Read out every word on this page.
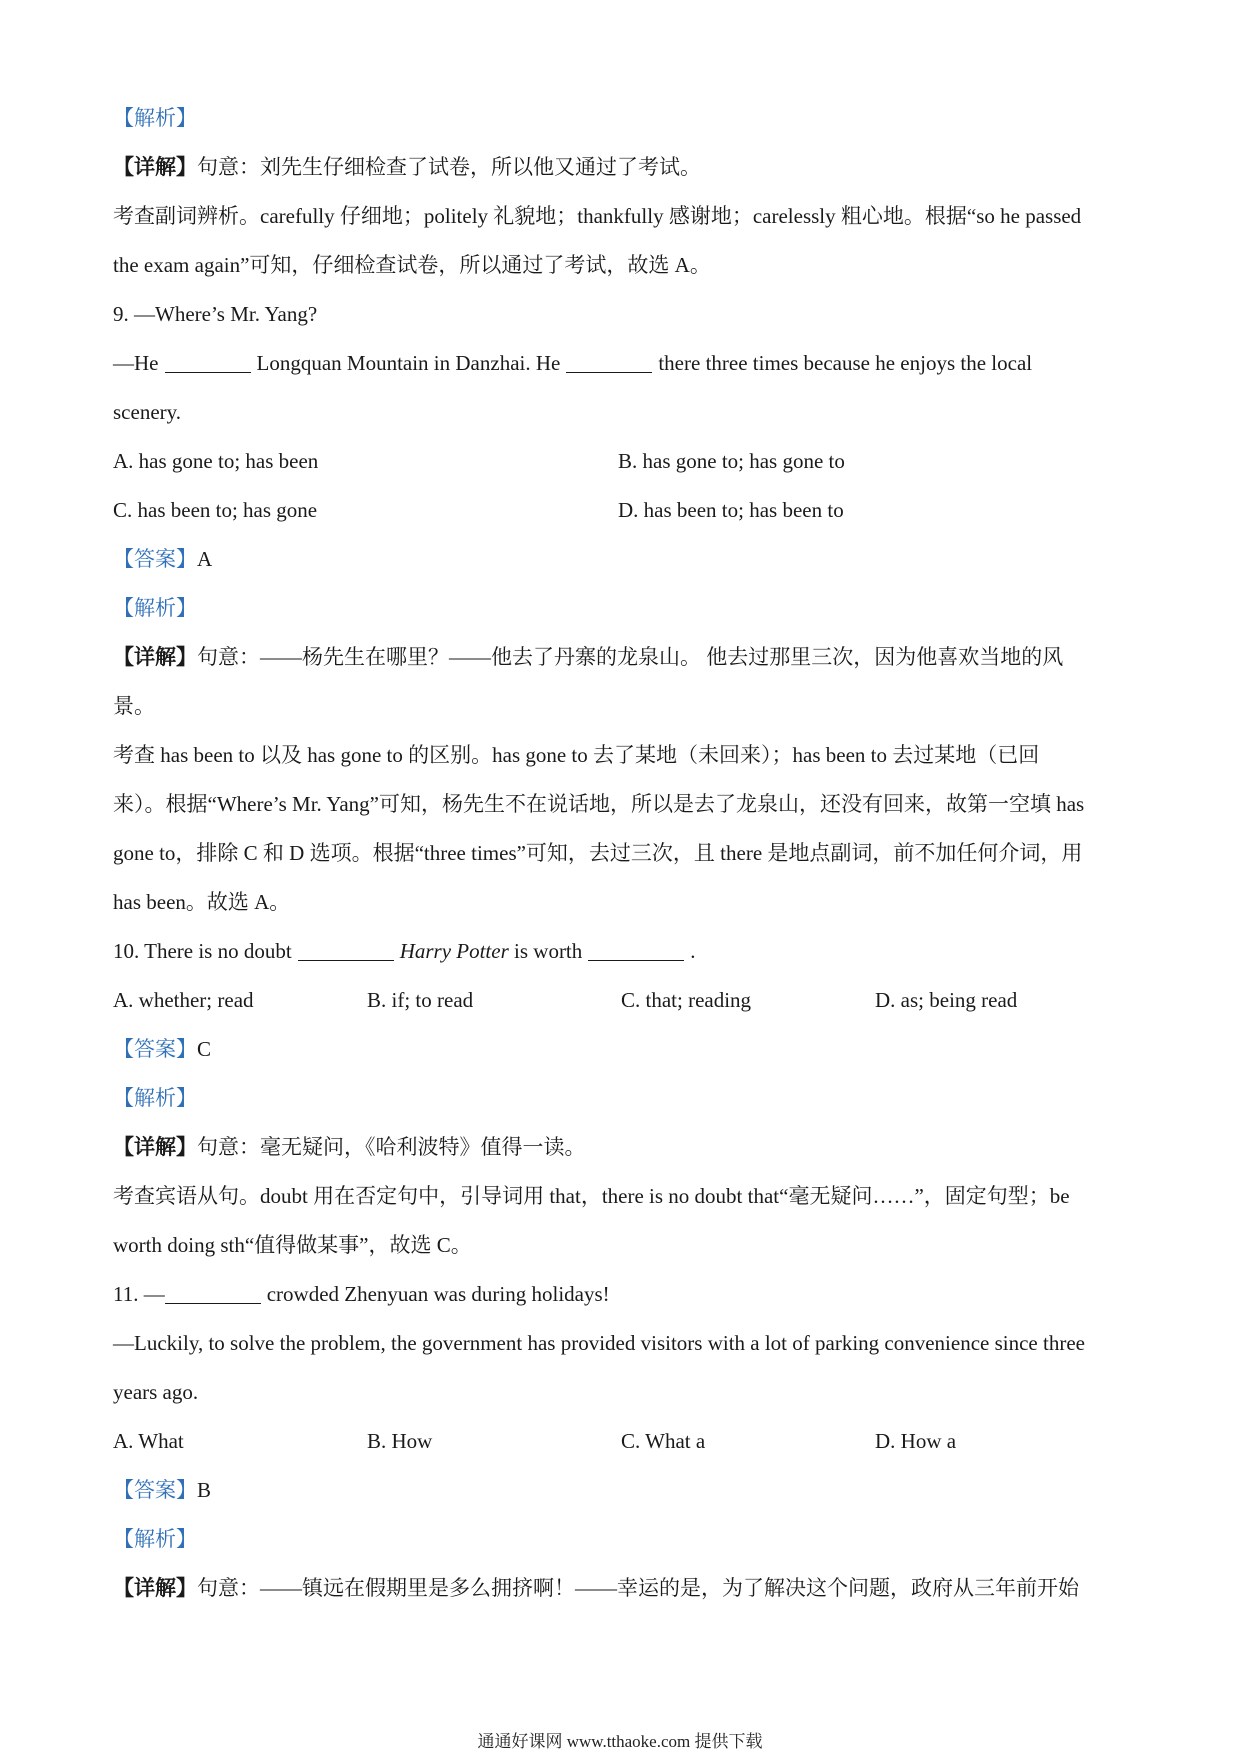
【解析】
【详解】句意：刘先生仔细检查了试卷，所以他又通过了考试。
考查副词辨析。carefully 仔细地；politely 礼貌地；thankfully 感谢地；carelessly 粗心地。根据“so he passed
the exam again”可知，仔细检查试卷，所以通过了考试，故选 A。
9. —Where’s Mr. Yang?
—He	Longquan Mountain in Danzhai. He	there three times because he enjoys the local
scenery.
A. has gone to; has been	B. has gone to; has gone to
C. has been to; has gone	D. has been to; has been to
【答案】A
【解析】
【详解】句意：——杨先生在哪里？——他去了丹寨的龙泉山。 他去过那里三次，因为他喜欢当地的风
景。
考查 has been to 以及 has gone to 的区别。has gone to 去了某地（未回来）；has been to 去过某地（已回
来）。根据“Where’s Mr. Yang”可知，杨先生不在说话地，所以是去了龙泉山，还没有回来，故第一空填 has
gone to，排除 C 和 D 选项。根据“three times”可知，去过三次，且 there 是地点副词，前不加任何介词，用
has been。故选 A。
10. There is no doubt	Harry Potter is worth	.
A. whether; read	B. if; to read	C. that; reading	D. as; being read
【答案】C
【解析】
【详解】句意：毫无疑问，《哈利波特》值得一读。
考查宾语从句。doubt 用在否定句中，引导词用 that，there is no doubt that“毫无疑问……”，固定句型；be
worth doing sth“值得做某事”，故选 C。
11. —	crowded Zhenyuan was during holidays!
—Luckily, to solve the problem, the government has provided visitors with a lot of parking convenience since three
years ago.
A. What	B. How	C. What a	D. How a
【答案】B
【解析】
【详解】句意：——镇远在假期里是多么拥挤啊！——幸运的是，为了解决这个问题，政府从三年前开始
通通好课网 www.tthaoke.com 提供下载
